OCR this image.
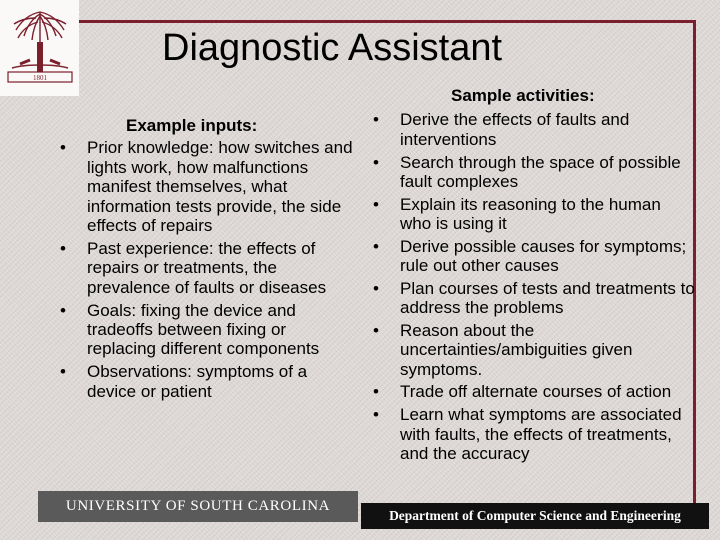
1801
Diagnostic Assistant
Example inputs:
• Prior knowledge: how switches and lights work, how malfunctions manifest themselves, what information tests provide, the side effects of repairs
• Past experience: the effects of repairs or treatments, the prevalence of faults or diseases
• Goals: fixing the device and tradeoffs between fixing or replacing different components
• Observations: symptoms of a device or patient
Sample activities:
• Derive the effects of faults and interventions
• Search through the space of possible fault complexes
• Explain its reasoning to the human who is using it
• Derive possible causes for symptoms; rule out other causes
• Plan courses of tests and treatments to address the problems
• Reason about the uncertainties/ambiguities given symptoms.
• Trade off alternate courses of action
• Learn what symptoms are associated with faults, the effects of treatments, and the accuracy
UNIVERSITY OF SOUTH CAROLINA
Department of Computer Science and Engineering
